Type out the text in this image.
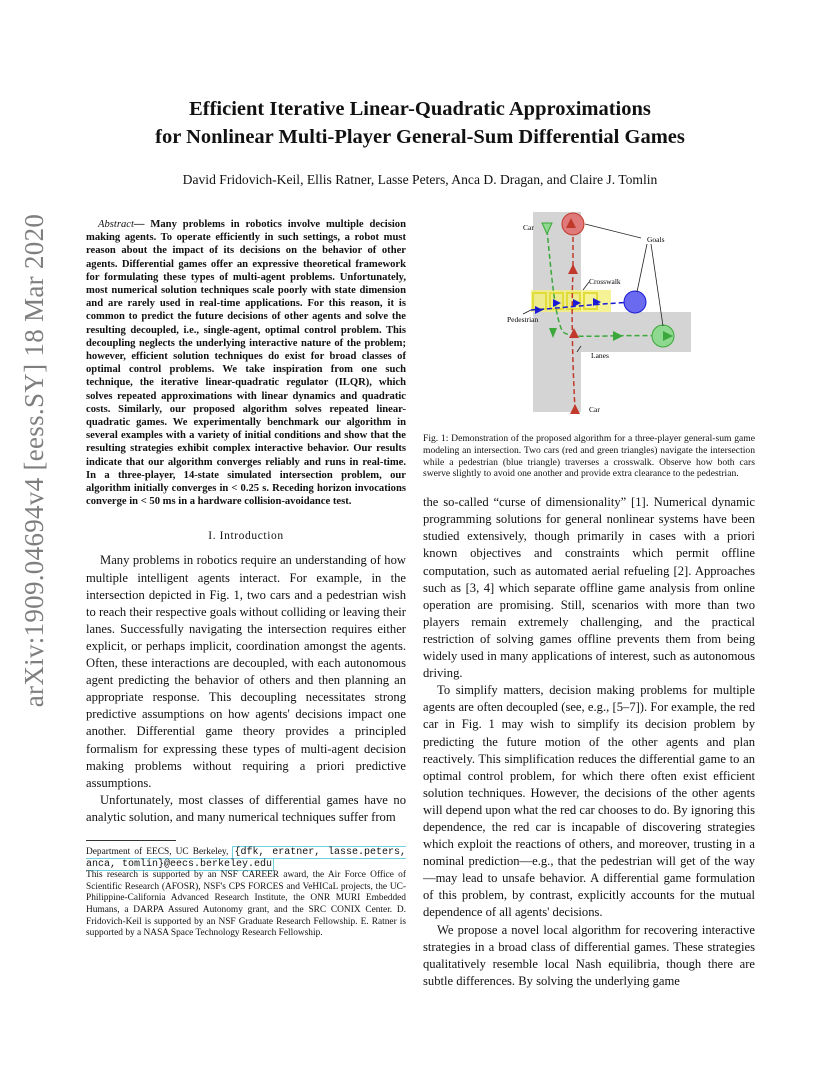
arXiv:1909.04694v4 [eess.SY] 18 Mar 2020
Efficient Iterative Linear-Quadratic Approximations
for Nonlinear Multi-Player General-Sum Differential Games
David Fridovich-Keil, Ellis Ratner, Lasse Peters, Anca D. Dragan, and Claire J. Tomlin

Abstract— Many problems in robotics involve multiple decision making agents. To operate efficiently in such settings, a robot must reason about the impact of its decisions on the behavior of other agents. Differential games offer an expressive theoretical framework for formulating these types of multi-agent problems. Unfortunately, most numerical solution techniques scale poorly with state dimension and are rarely used in real-time applications. For this reason, it is common to predict the future decisions of other agents and solve the resulting decoupled, i.e., single-agent, optimal control problem. This decoupling neglects the underlying interactive nature of the problem; however, efficient solution techniques do exist for broad classes of optimal control problems. We take inspiration from one such technique, the iterative linear-quadratic regulator (ILQR), which solves repeated approximations with linear dynamics and quadratic costs. Similarly, our proposed algorithm solves repeated linear-quadratic games. We experimentally benchmark our algorithm in several examples with a variety of initial conditions and show that the resulting strategies exhibit complex interactive behavior. Our results indicate that our algorithm converges reliably and runs in real-time. In a three-player, 14-state simulated intersection problem, our algorithm initially converges in < 0.25 s. Receding horizon invocations converge in < 50 ms in a hardware collision-avoidance test.

I. Introduction

Many problems in robotics require an understanding of how multiple intelligent agents interact. For example, in the intersection depicted in Fig. 1, two cars and a pedestrian wish to reach their respective goals without colliding or leaving their lanes. Successfully navigating the intersection requires either explicit, or perhaps implicit, coordination amongst the agents. Often, these interactions are decoupled, with each autonomous agent predicting the behavior of others and then planning an appropriate response. This decoupling necessitates strong predictive assumptions on how agents' decisions impact one another. Differential game theory provides a principled formalism for expressing these types of multi-agent decision making problems without requiring a priori predictive assumptions.

Unfortunately, most classes of differential games have no analytic solution, and many numerical techniques suffer from

Department of EECS, UC Berkeley, {dfk, eratner, lasse.peters, anca, tomlin}@eecs.berkeley.edu

This research is supported by an NSF CAREER award, the Air Force Office of Scientific Research (AFOSR), NSF's CPS FORCES and VeHICaL projects, the UC-Philippine-California Advanced Research Institute, the ONR MURI Embedded Humans, a DARPA Assured Autonomy grant, and the SRC CONIX Center. D. Fridovich-Keil is supported by an NSF Graduate Research Fellowship. E. Ratner is supported by a NASA Space Technology Research Fellowship.

Car
Goals
Crosswalk
Pedestrian
Lanes
Car

Fig. 1: Demonstration of the proposed algorithm for a three-player general-sum game modeling an intersection. Two cars (red and green triangles) navigate the intersection while a pedestrian (blue triangle) traverses a crosswalk. Observe how both cars swerve slightly to avoid one another and provide extra clearance to the pedestrian.

the so-called “curse of dimensionality” [1]. Numerical dynamic programming solutions for general nonlinear systems have been studied extensively, though primarily in cases with a priori known objectives and constraints which permit offline computation, such as automated aerial refueling [2]. Approaches such as [3, 4] which separate offline game analysis from online operation are promising. Still, scenarios with more than two players remain extremely challenging, and the practical restriction of solving games offline prevents them from being widely used in many applications of interest, such as autonomous driving.

To simplify matters, decision making problems for multiple agents are often decoupled (see, e.g., [5–7]). For example, the red car in Fig. 1 may wish to simplify its decision problem by predicting the future motion of the other agents and plan reactively. This simplification reduces the differential game to an optimal control problem, for which there often exist efficient solution techniques. However, the decisions of the other agents will depend upon what the red car chooses to do. By ignoring this dependence, the red car is incapable of discovering strategies which exploit the reactions of others, and moreover, trusting in a nominal prediction—e.g., that the pedestrian will get of the way—may lead to unsafe behavior. A differential game formulation of this problem, by contrast, explicitly accounts for the mutual dependence of all agents' decisions.

We propose a novel local algorithm for recovering interactive strategies in a broad class of differential games. These strategies qualitatively resemble local Nash equilibria, though there are subtle differences. By solving the underlying game
